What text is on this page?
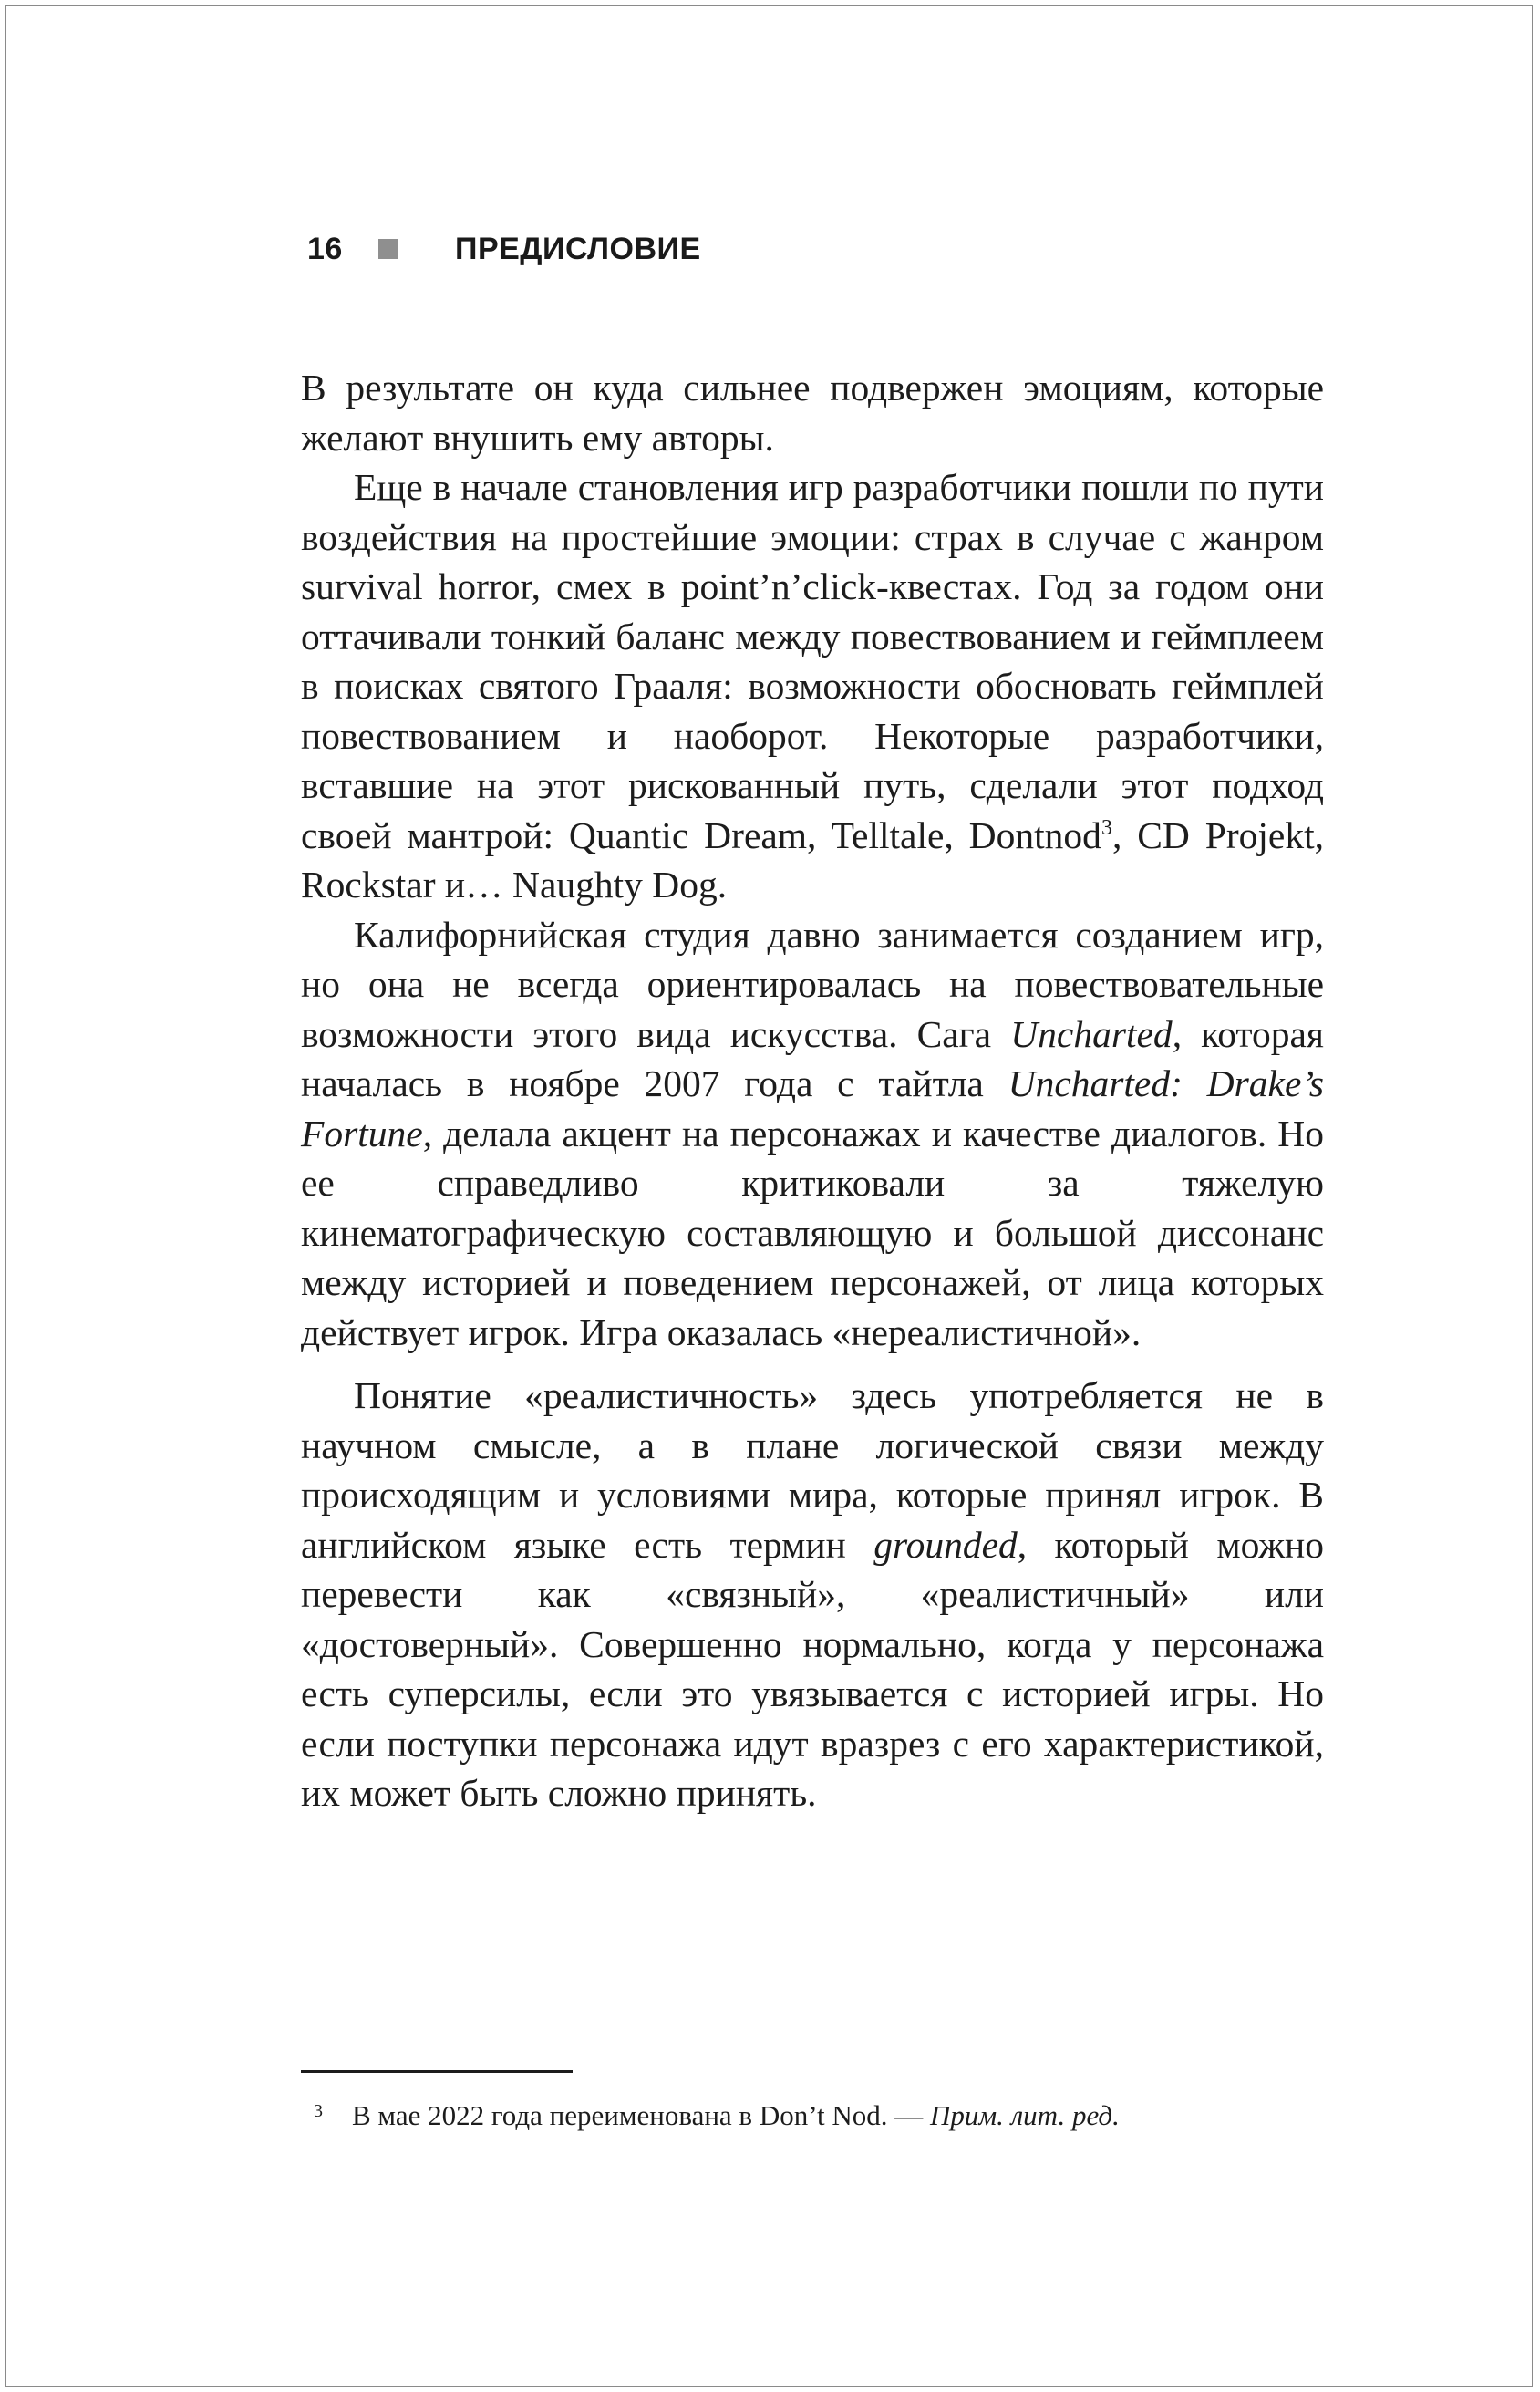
16	ПРЕДИСЛОВИЕ

В результате он куда сильнее подвержен эмоциям, которые желают внушить ему авторы.

Еще в начале становления игр разработчики пошли по пути воздействия на простейшие эмоции: страх в случае с жанром survival horror, смех в point’n’click-квестах. Год за годом они оттачивали тонкий баланс между повествованием и геймплеем в поисках святого Грааля: возможности обосновать геймплей повествованием и наоборот. Некоторые разработчики, вставшие на этот рискованный путь, сделали этот подход своей мантрой: Quantic Dream, Telltale, Dontnod$^3$, CD Projekt, Rockstar и… Naughty Dog.

Калифорнийская студия давно занимается созданием игр, но она не всегда ориентировалась на повествовательные возможности этого вида искусства. Сага Uncharted, которая началась в ноябре 2007 года с тайтла Uncharted: Drake’s Fortune, делала акцент на персонажах и качестве диалогов. Но ее справедливо критиковали за тяжелую кинематографическую составляющую и большой диссонанс между историей и поведением персонажей, от лица которых действует игрок. Игра оказалась «нереалистичной».

Понятие «реалистичность» здесь употребляется не в научном смысле, а в плане логической связи между происходящим и условиями мира, которые принял игрок. В английском языке есть термин grounded, который можно перевести как «связный», «реалистичный» или «достоверный». Совершенно нормально, когда у персонажа есть суперсилы, если это увязывается с историей игры. Но если поступки персонажа идут вразрез с его характеристикой, их может быть сложно принять.

3 В мае 2022 года переименована в Don’t Nod. — Прим. лит. ред.
